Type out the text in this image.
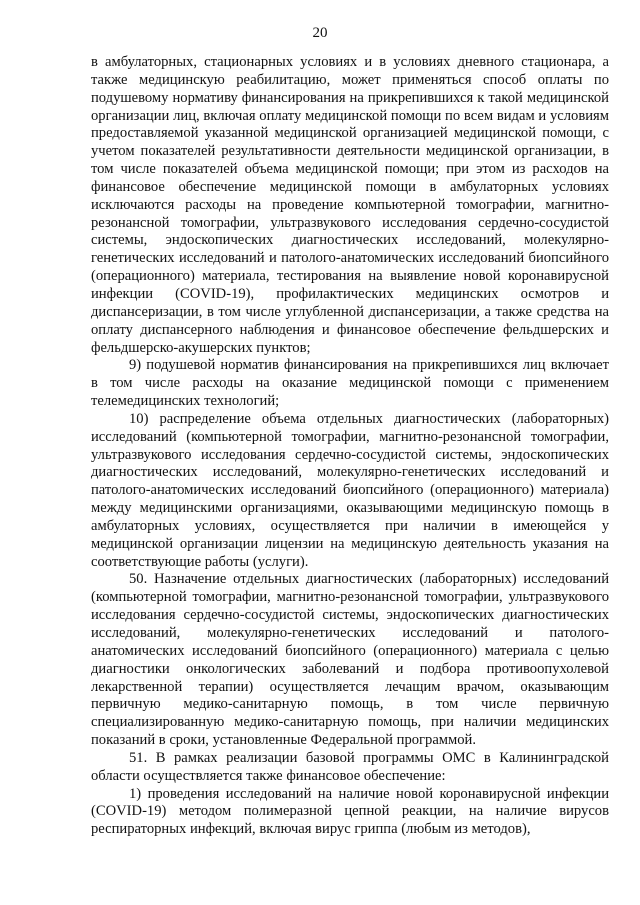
20

в амбулаторных, стационарных условиях и в условиях дневного стационара, а также медицинскую реабилитацию, может применяться способ оплаты по подушевому нормативу финансирования на прикрепившихся к такой медицинской организации лиц, включая оплату медицинской помощи по всем видам и условиям предоставляемой указанной медицинской организацией медицинской помощи, с учетом показателей результативности деятельности медицинской организации, в том числе показателей объема медицинской помощи; при этом из расходов на финансовое обеспечение медицинской помощи в амбулаторных условиях исключаются расходы на проведение компьютерной томографии, магнитно-резонансной томографии, ультразвукового исследования сердечно-сосудистой системы, эндоскопических диагностических исследований, молекулярно-генетических исследований и патолого-анатомических исследований биопсийного (операционного) материала, тестирования на выявление новой коронавирусной инфекции (COVID-19), профилактических медицинских осмотров и диспансеризации, в том числе углубленной диспансеризации, а также средства на оплату диспансерного наблюдения и финансовое обеспечение фельдшерских и фельдшерско-акушерских пунктов;

9) подушевой норматив финансирования на прикрепившихся лиц включает в том числе расходы на оказание медицинской помощи с применением телемедицинских технологий;

10) распределение объема отдельных диагностических (лабораторных) исследований (компьютерной томографии, магнитно-резонансной томографии, ультразвукового исследования сердечно-сосудистой системы, эндоскопических диагностических исследований, молекулярно-генетических исследований и патолого-анатомических исследований биопсийного (операционного) материала) между медицинскими организациями, оказывающими медицинскую помощь в амбулаторных условиях, осуществляется при наличии в имеющейся у медицинской организации лицензии на медицинскую деятельность указания на соответствующие работы (услуги).

50. Назначение отдельных диагностических (лабораторных) исследований (компьютерной томографии, магнитно-резонансной томографии, ультразвукового исследования сердечно-сосудистой системы, эндоскопических диагностических исследований, молекулярно-генетических исследований и патолого-анатомических исследований биопсийного (операционного) материала с целью диагностики онкологических заболеваний и подбора противоопухолевой лекарственной терапии) осуществляется лечащим врачом, оказывающим первичную медико-санитарную помощь, в том числе первичную специализированную медико-санитарную помощь, при наличии медицинских показаний в сроки, установленные Федеральной программой.

51. В рамках реализации базовой программы ОМС в Калининградской области осуществляется также финансовое обеспечение:

1) проведения исследований на наличие новой коронавирусной инфекции (COVID-19) методом полимеразной цепной реакции, на наличие вирусов респираторных инфекций, включая вирус гриппа (любым из методов),
